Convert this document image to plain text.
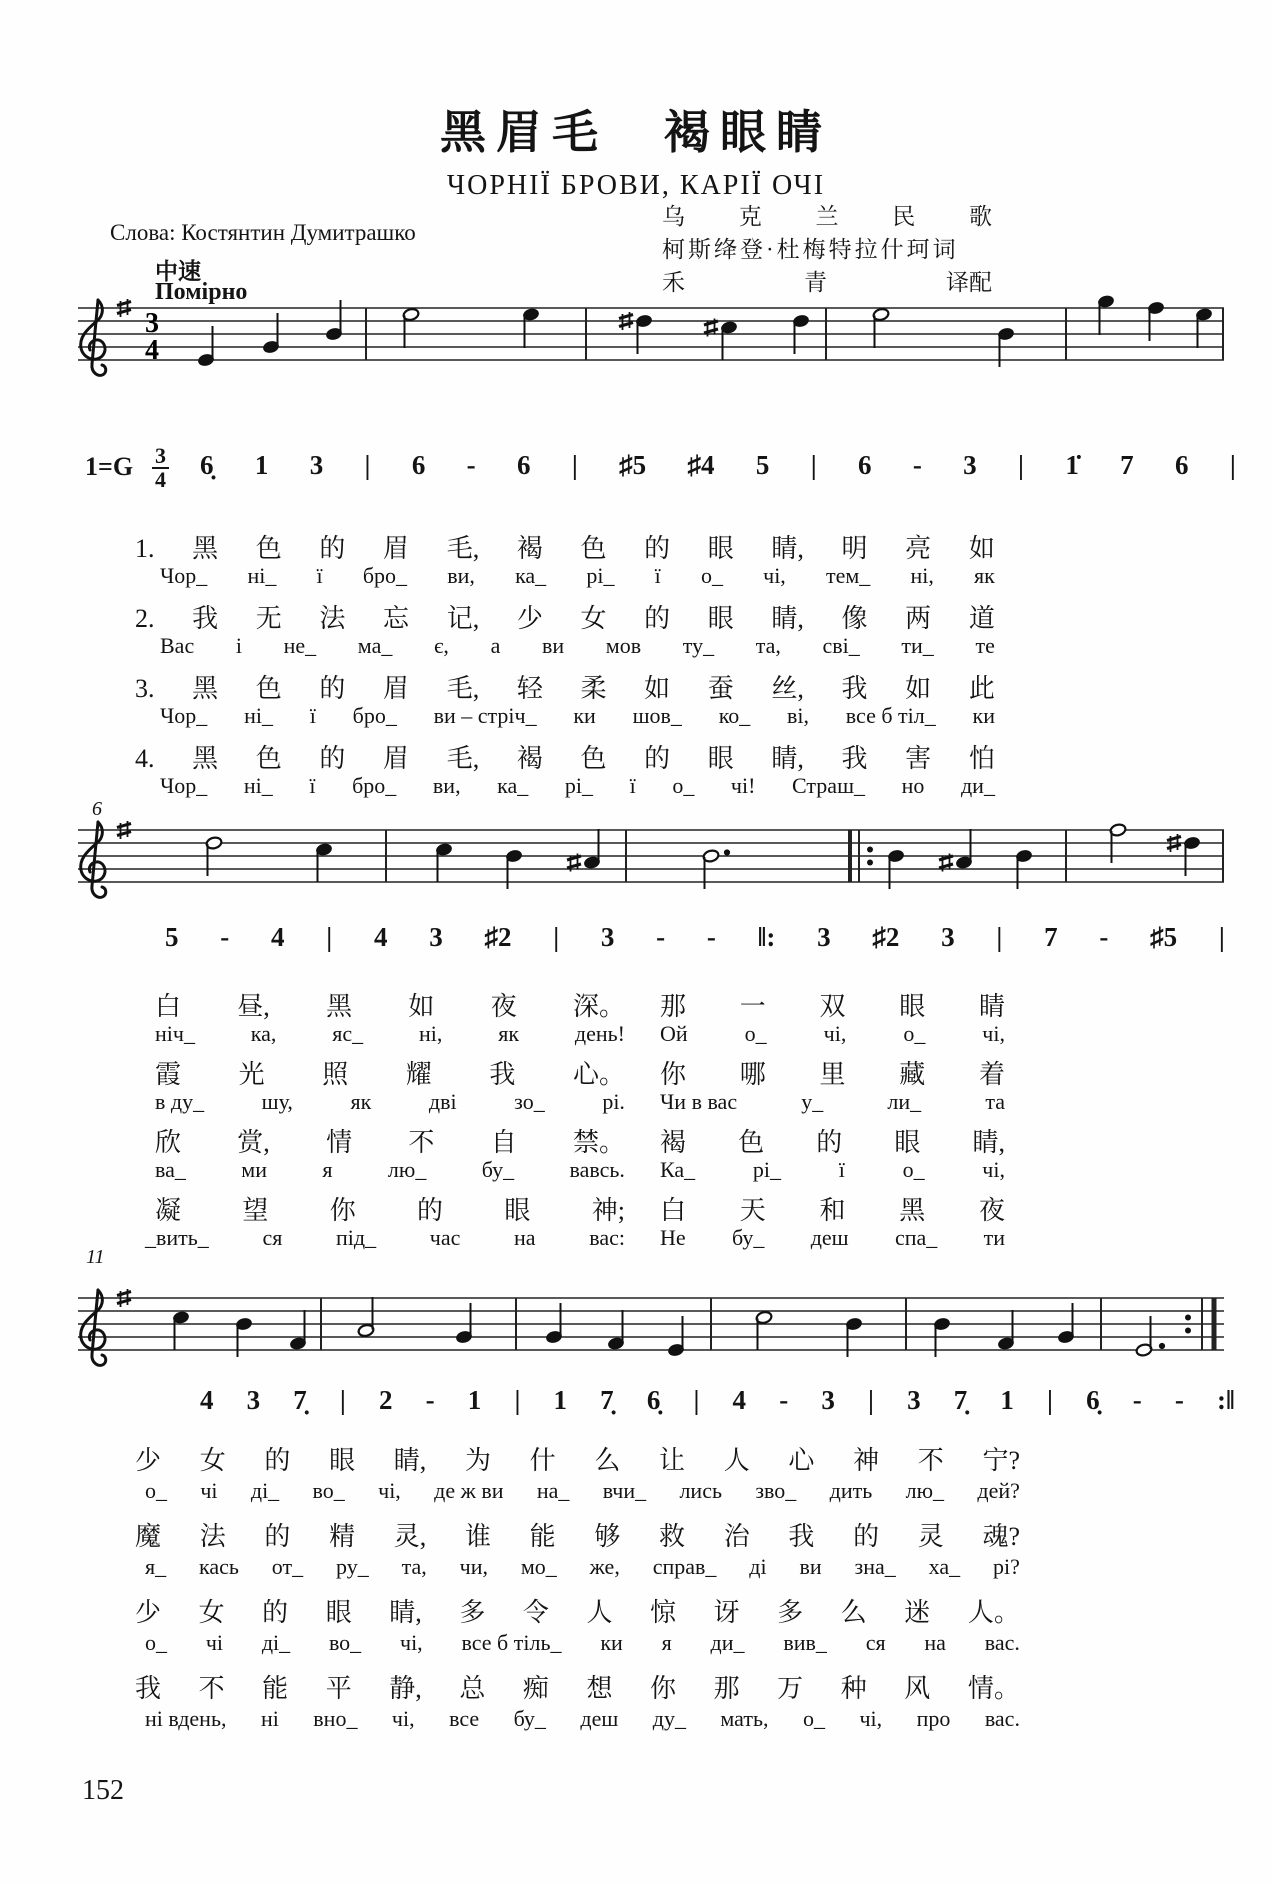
黑眉毛　褐眼睛
ЧОРНІЇ БРОВИ, КАРІЇ ОЧІ
Слова: Костянтин Думитрашко
乌 克 兰 民 歌
柯斯绛登·杜梅特拉什珂词
禾	青	译配
中速
Помірно
3
4
$1=G \frac{3}{4}$ 6̣ 1 3 | 6 - 6 | ♯5 ♯4 5 | 6 - 3 | 1̇ 7 6 |
1. 黑 色 的 眉 毛, 褐 色 的 眼 睛, 明 亮 如
Чор_ ні_ ї бро_ ви, ка_ рі_ ї о_ чі, тем_ ні, як
2. 我 无 法 忘 记, 少 女 的 眼 睛, 像 两 道
Вас і не_ ма_ є, а ви мов ту_ та, сві_ ти_ те
3. 黑 色 的 眉 毛, 轻 柔 如 蚕 丝, 我 如 此
Чор_ ні_ ї бро_ ви – стріч_ ки шов_ ко_ ві, все б тіл_ ки
4. 黑 色 的 眉 毛, 褐 色 的 眼 睛, 我 害 怕
Чор_ ні_ ї бро_ ви, ка_ рі_ ї о_ чі! Страш_ но ди_
6
5 - 4 | 4 3 ♯2 | 3 - - ‖: 3 ♯2 3 | 7 - ♯5 |
白 昼, 黑 如 夜 深。 那 一 双 眼 睛
ніч_	ка,	яс_	ні,	як	день! Ой	о_	чі,	о_	чі,
霞 光 照 耀 我 心。 你 哪 里 藏 着
в ду_	шу,	як	дві	зо_	рі. Чи в вас	у_	ли_	та
欣 赏, 情 不 自 禁。 褐 色 的 眼 睛,
ва_	ми	я	лю_	бу_	вавсь. Ка_	рі_	ї	о_	чі,
凝 望 你 的 眼 神; 白 天 和 黑 夜
_вить_ ся під_ час на вас: Не бу_ деш спа_ ти
11
4 3 7̣ | 2 - 1 | 1 7̣ 6̣ | 4 - 3 | 3 7̣ 1 | 6̣ - - :‖
少 女 的 眼 睛, 为 什 么 让 人 心 神 不 宁?
о_ чі ді_ во_ чі, де ж ви на_ вчи_ лись зво_ дить лю_ дей?
魔 法 的 精 灵, 谁 能 够 救 治 我 的 灵 魂?
я_ кась от_ ру_ та, чи, мо_ же, справ_ ді ви зна_ ха_ рі?
少 女 的 眼 睛, 多 令 人 惊 讶 多 么 迷 人。
о_ чі ді_ во_ чі, все б тіль_ ки я ди_ вив_ ся на вас.
我 不 能 平 静, 总 痴 想 你 那 万 种 风 情。
ні вдень, ні вно_ чі, все бу_ деш ду_ мать, о_ чі, про вас.
152
